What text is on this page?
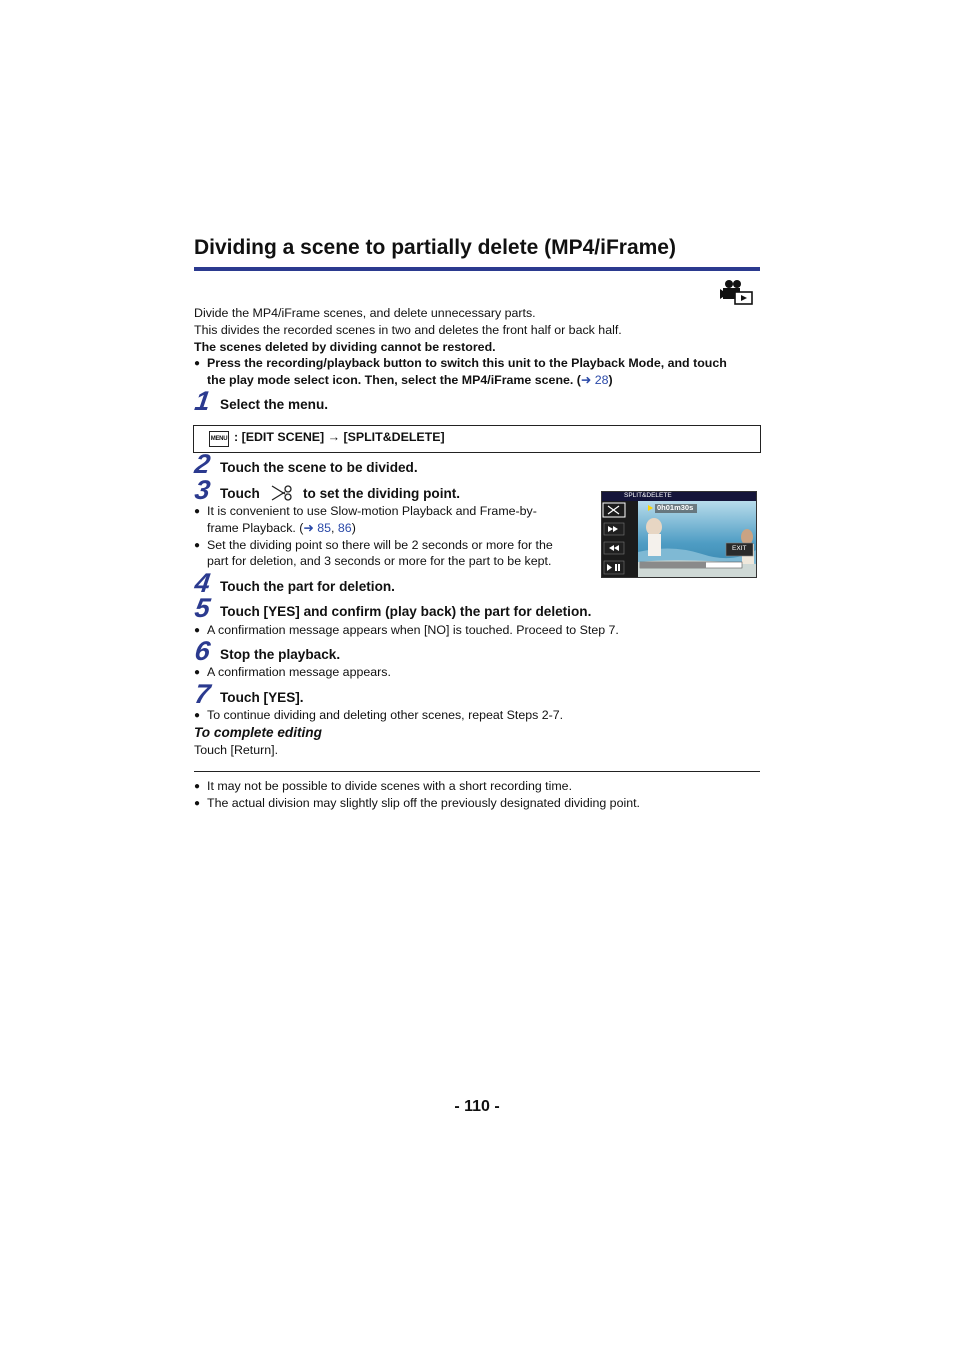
Dividing a scene to partially delete (MP4/iFrame)
Divide the MP4/iFrame scenes, and delete unnecessary parts.
This divides the recorded scenes in two and deletes the front half or back half.
The scenes deleted by dividing cannot be restored.
● Press the recording/playback button to switch this unit to the Playback Mode, and touch
the play mode select icon. Then, select the MP4/iFrame scene. (➜ 28)
1 Select the menu.
MENU : [EDIT SCENE] → [SPLIT&DELETE]
2 Touch the scene to be divided.
3 Touch	to set the dividing point.
● It is convenient to use Slow-motion Playback and Frame-by-
frame Playback. (➜ 85, 86)
● Set the dividing point so there will be 2 seconds or more for the
part for deletion, and 3 seconds or more for the part to be kept.
SPLIT&DELETE
0h01m30s
EXIT
4 Touch the part for deletion.
5 Touch [YES] and confirm (play back) the part for deletion.
● A confirmation message appears when [NO] is touched. Proceed to Step 7.
6 Stop the playback.
● A confirmation message appears.
7 Touch [YES].
● To continue dividing and deleting other scenes, repeat Steps 2-7.
To complete editing
Touch [Return].
● It may not be possible to divide scenes with a short recording time.
● The actual division may slightly slip off the previously designated dividing point.
- 110 -
